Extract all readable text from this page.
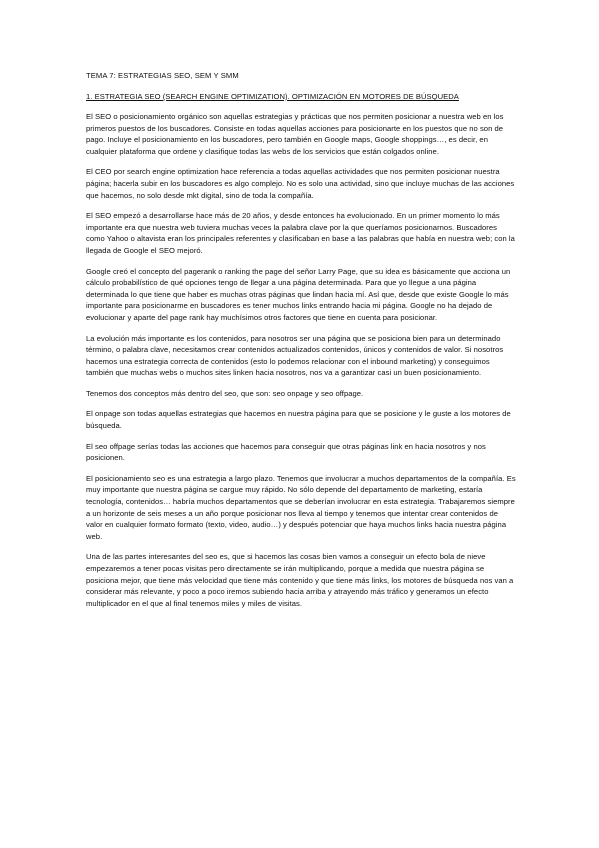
TEMA 7: ESTRATEGIAS SEO, SEM Y SMM
1. ESTRATEGIA SEO (SEARCH ENGINE OPTIMIZATION). OPTIMIZACIÓN EN MOTORES DE BÚSQUEDA

El SEO o posicionamiento orgánico son aquellas estrategias y prácticas que nos permiten posicionar a nuestra web en los primeros puestos de los buscadores. Consiste en todas aquellas acciones para posicionarte en los puestos que no son de pago. Incluye el posicionamiento en los buscadores, pero también en Google maps, Google shoppings…, es decir, en cualquier plataforma que ordene y clasifique todas las webs de los servicios que están colgados online.

El CEO por search engine optimization hace referencia a todas aquellas actividades que nos permiten posicionar nuestra página; hacerla subir en los buscadores es algo complejo. No es solo una actividad, sino que incluye muchas de las acciones que hacemos, no solo desde mkt digital, sino de toda la compañía.

El SEO empezó a desarrollarse hace más de 20 años, y desde entonces ha evolucionado. En un primer momento lo más importante era que nuestra web tuviera muchas veces la palabra clave por la que queríamos posicionarnos. Buscadores como Yahoo o altavista eran los principales referentes y clasificaban en base a las palabras que había en nuestra web; con la llegada de Google el SEO mejoró.

Google creó el concepto del pagerank o ranking the page del señor Larry Page, que su idea es básicamente que acciona un cálculo probabilístico de qué opciones tengo de llegar a una página determinada. Para que yo llegue a una página determinada lo que tiene que haber es muchas otras páginas que lindan hacia mí. Así que, desde que existe Google lo más importante para posicionarme en buscadores es tener muchos links entrando hacia mi página. Google no ha dejado de evolucionar y aparte del page rank hay muchísimos otros factores que tiene en cuenta para posicionar.

La evolución más importante es los contenidos, para nosotros ser una página que se posiciona bien para un determinado término, o palabra clave, necesitamos crear contenidos actualizados contenidos, únicos y contenidos de valor. Si nosotros hacemos una estrategia correcta de contenidos (esto lo podemos relacionar con el inbound marketing) y conseguimos también que muchas webs o muchos sites linken hacia nosotros, nos va a garantizar casi un buen posicionamiento.

Tenemos dos conceptos más dentro del seo, que son: seo onpage y seo offpage.

El onpage son todas aquellas estrategias que hacemos en nuestra página para que se posicione y le guste a los motores de búsqueda.

El seo offpage serías todas las acciones que hacemos para conseguir que otras páginas link en hacia nosotros y nos posicionen.

El posicionamiento seo es una estrategia a largo plazo. Tenemos que involucrar a muchos departamentos de la compañía. Es muy importante que nuestra página se cargue muy rápido. No sólo depende del departamento de marketing, estaría tecnología, contenidos… habría muchos departamentos que se deberían involucrar en esta estrategia. Trabajaremos siempre a un horizonte de seis meses a un año porque posicionar nos lleva al tiempo y tenemos que intentar crear contenidos de valor en cualquier formato formato (texto, video, audio…) y después potenciar que haya muchos links hacia nuestra página web.

Una de las partes interesantes del seo es, que si hacemos las cosas bien vamos a conseguir un efecto bola de nieve empezaremos a tener pocas visitas pero directamente se irán multiplicando, porque a medida que nuestra página se posiciona mejor, que tiene más velocidad que tiene más contenido y que tiene más links, los motores de búsqueda nos van a considerar más relevante, y poco a poco iremos subiendo hacia arriba y atrayendo más tráfico y generamos un efecto multiplicador en el que al final tenemos miles y miles de visitas.
